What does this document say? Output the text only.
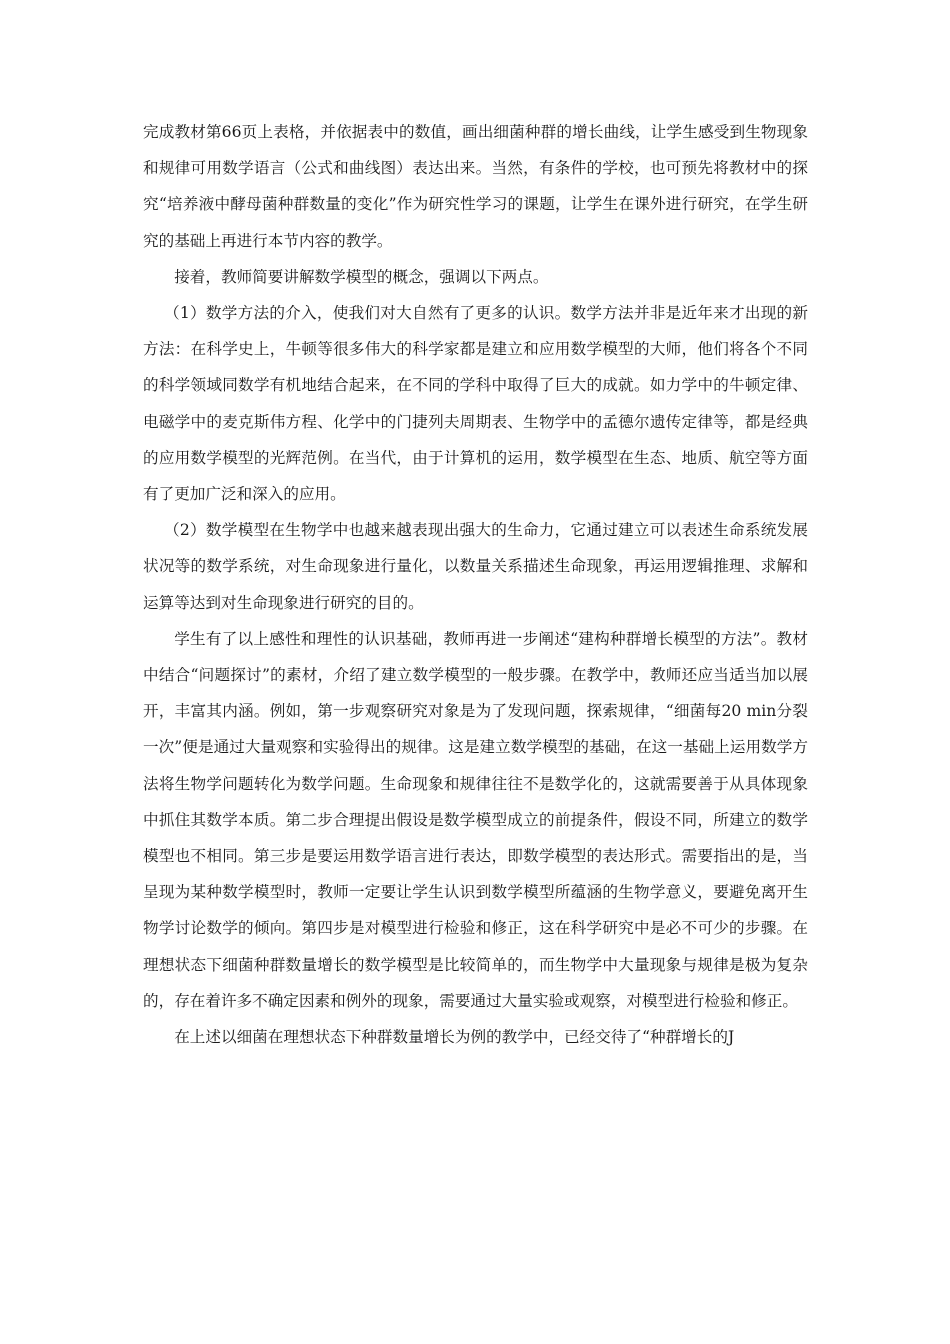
完成教材第66页上表格，并依据表中的数值，画出细菌种群的增长曲线，让学生感受到生物现象和规律可用数学语言（公式和曲线图）表达出来。当然，有条件的学校，也可预先将教材中的探究“培养液中酵母菌种群数量的变化”作为研究性学习的课题，让学生在课外进行研究，在学生研究的基础上再进行本节内容的教学。

接着，教师简要讲解数学模型的概念，强调以下两点。

（1）数学方法的介入，使我们对大自然有了更多的认识。数学方法并非是近年来才出现的新方法：在科学史上，牛顿等很多伟大的科学家都是建立和应用数学模型的大师，他们将各个不同的科学领域同数学有机地结合起来，在不同的学科中取得了巨大的成就。如力学中的牛顿定律、电磁学中的麦克斯伟方程、化学中的门捷列夫周期表、生物学中的孟德尔遗传定律等，都是经典的应用数学模型的光辉范例。在当代，由于计算机的运用，数学模型在生态、地质、航空等方面有了更加广泛和深入的应用。

（2）数学模型在生物学中也越来越表现出强大的生命力，它通过建立可以表述生命系统发展状况等的数学系统，对生命现象进行量化，以数量关系描述生命现象，再运用逻辑推理、求解和运算等达到对生命现象进行研究的目的。

学生有了以上感性和理性的认识基础，教师再进一步阐述“建构种群增长模型的方法”。教材中结合“问题探讨”的素材，介绍了建立数学模型的一般步骤。在教学中，教师还应当适当加以展开，丰富其内涵。例如，第一步观察研究对象是为了发现问题，探索规律，“细菌每20 min分裂一次”便是通过大量观察和实验得出的规律。这是建立数学模型的基础，在这一基础上运用数学方法将生物学问题转化为数学问题。生命现象和规律往往不是数学化的，这就需要善于从具体现象中抓住其数学本质。第二步合理提出假设是数学模型成立的前提条件，假设不同，所建立的数学模型也不相同。第三步是要运用数学语言进行表达，即数学模型的表达形式。需要指出的是，当呈现为某种数学模型时，教师一定要让学生认识到数学模型所蕴涵的生物学意义，要避免离开生物学讨论数学的倾向。第四步是对模型进行检验和修正，这在科学研究中是必不可少的步骤。在理想状态下细菌种群数量增长的数学模型是比较简单的，而生物学中大量现象与规律是极为复杂的，存在着许多不确定因素和例外的现象，需要通过大量实验或观察，对模型进行检验和修正。

在上述以细菌在理想状态下种群数量增长为例的教学中，已经交待了“种群增长的J
